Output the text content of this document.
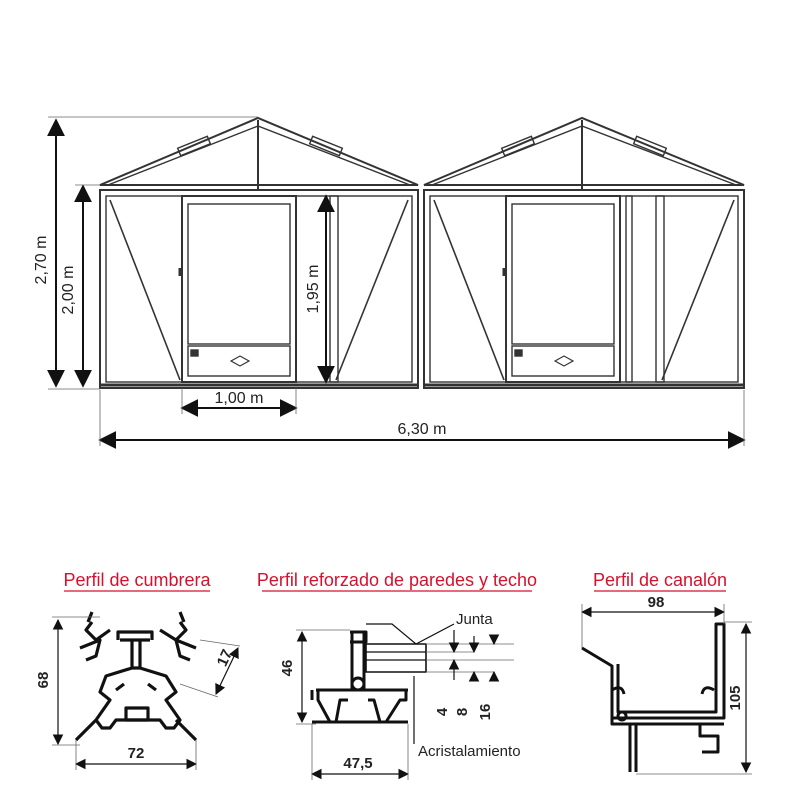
2,70 m
2,00 m	1,95 m
1,00 m
6,30 m
Perfil de cumbrera	Perfil reforzado de paredes y techo	Perfil de canalón
68
72
17	46
47,5
Junta
Acristalamiento
4 8 16
98
105
